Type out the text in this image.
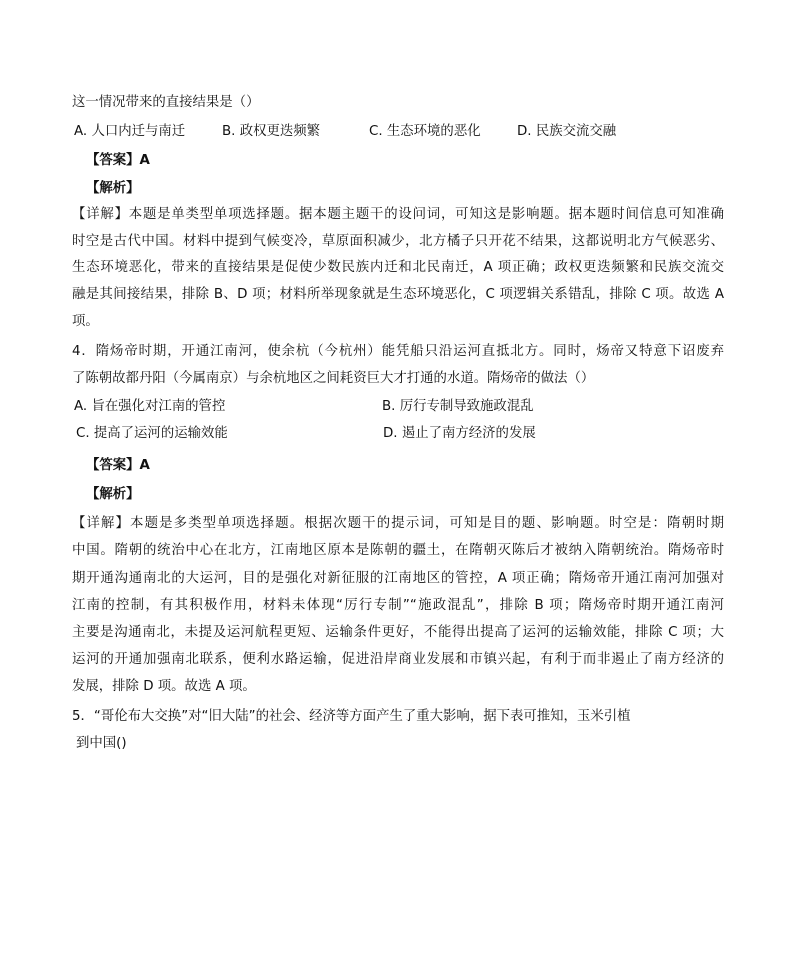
这一情况带来的直接结果是（）
A. 人口内迁与南迁	B. 政权更迭频繁	C. 生态环境的恶化	D. 民族交流交融
【答案】A
【解析】
【详解】本题是单类型单项选择题。据本题主题干的设问词，可知这是影响题。据本题时间信息可知准确
时空是古代中国。材料中提到气候变冷，草原面积减少，北方橘子只开花不结果，这都说明北方气候恶劣、
生态环境恶化，带来的直接结果是促使少数民族内迁和北民南迁，A 项正确；政权更迭频繁和民族交流交
融是其间接结果，排除 B、D 项；材料所举现象就是生态环境恶化，C 项逻辑关系错乱，排除 C 项。故选 A
项。
4．隋炀帝时期，开通江南河，使余杭（今杭州）能凭船只沿运河直抵北方。同时，炀帝又特意下诏废弃
了陈朝故都丹阳（今属南京）与余杭地区之间耗资巨大才打通的水道。隋炀帝的做法（）
A. 旨在强化对江南的管控	B. 厉行专制导致施政混乱
C. 提高了运河的运输效能	D. 遏止了南方经济的发展
【答案】A
【解析】
【详解】本题是多类型单项选择题。根据次题干的提示词，可知是目的题、影响题。时空是：隋朝时期
中国。隋朝的统治中心在北方，江南地区原本是陈朝的疆土，在隋朝灭陈后才被纳入隋朝统治。隋炀帝时
期开通沟通南北的大运河，目的是强化对新征服的江南地区的管控，A 项正确；隋炀帝开通江南河加强对
江南的控制，有其积极作用，材料未体现“厉行专制”“施政混乱”，排除 B 项；隋炀帝时期开通江南河
主要是沟通南北，未提及运河航程更短、运输条件更好，不能得出提高了运河的运输效能，排除 C 项；大
运河的开通加强南北联系，便利水路运输，促进沿岸商业发展和市镇兴起，有利于而非遏止了南方经济的
发展，排除 D 项。故选 A 项。
5．“哥伦布大交换”对“旧大陆”的社会、经济等方面产生了重大影响，据下表可推知，玉米引植
到中国()
